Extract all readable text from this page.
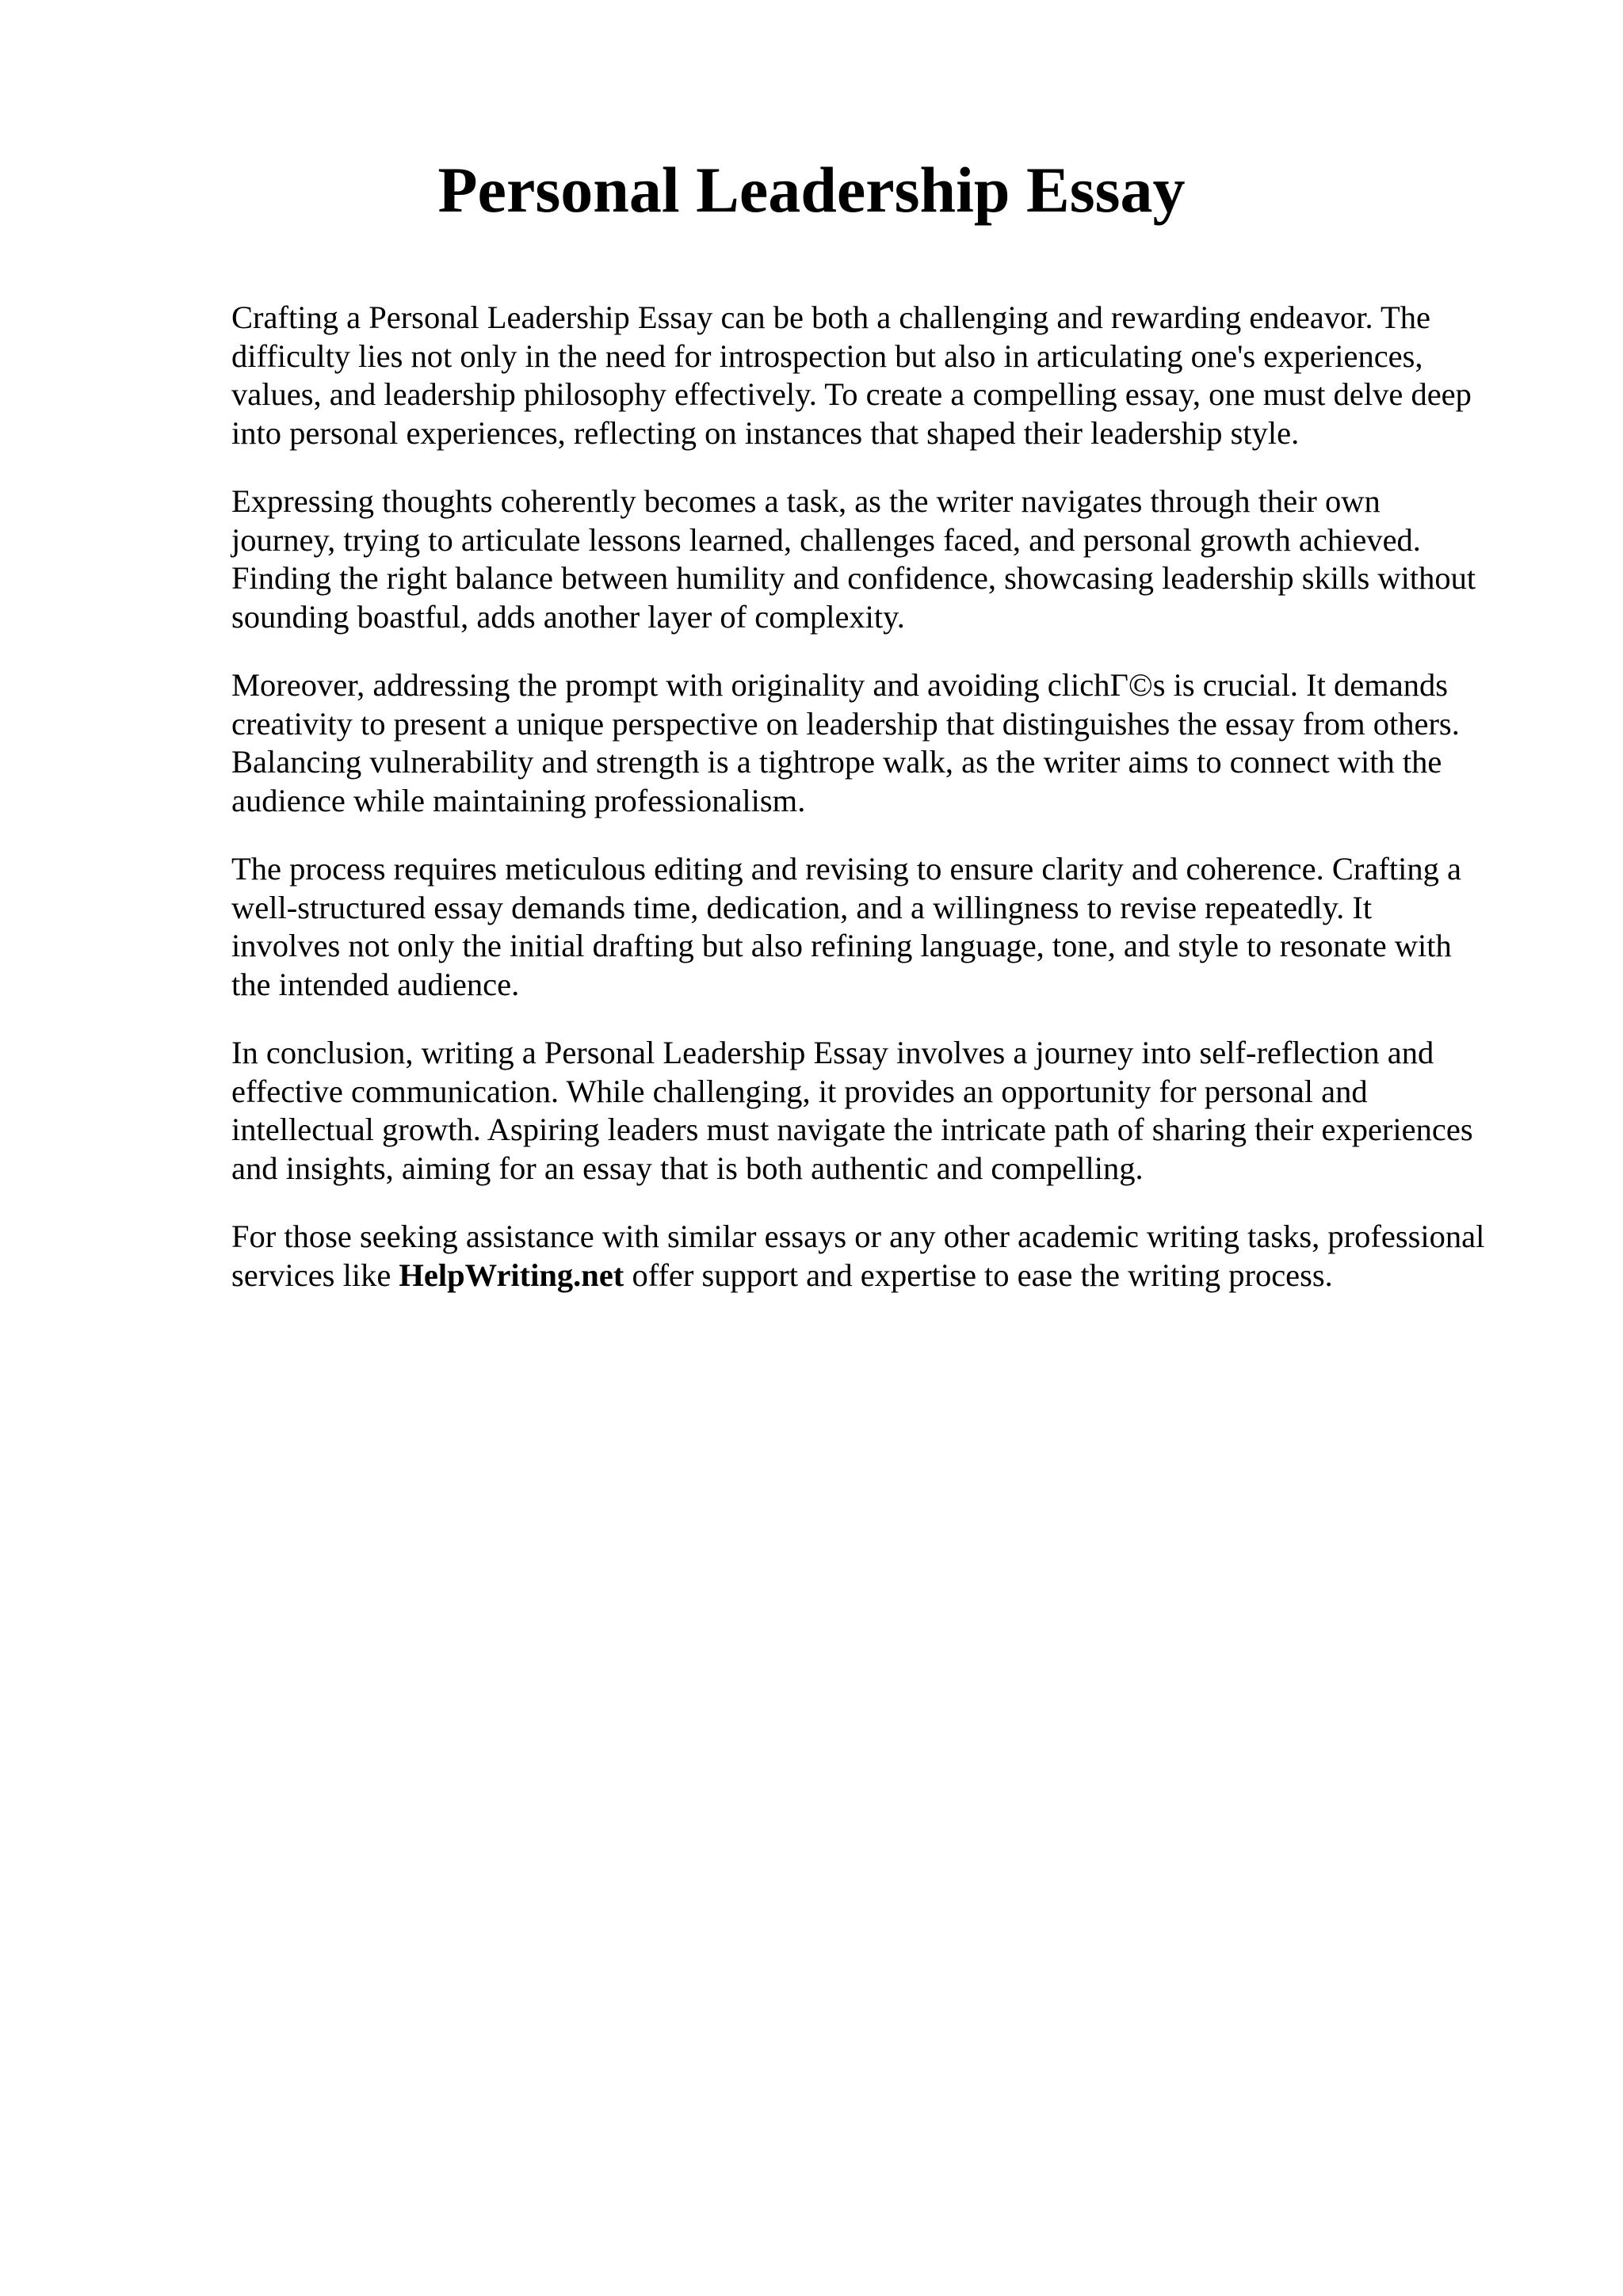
Personal Leadership Essay

Crafting a Personal Leadership Essay can be both a challenging and rewarding endeavor. The
difficulty lies not only in the need for introspection but also in articulating one's experiences,
values, and leadership philosophy effectively. To create a compelling essay, one must delve deep
into personal experiences, reflecting on instances that shaped their leadership style.

Expressing thoughts coherently becomes a task, as the writer navigates through their own
journey, trying to articulate lessons learned, challenges faced, and personal growth achieved.
Finding the right balance between humility and confidence, showcasing leadership skills without
sounding boastful, adds another layer of complexity.

Moreover, addressing the prompt with originality and avoiding clichΓ©s is crucial. It demands
creativity to present a unique perspective on leadership that distinguishes the essay from others.
Balancing vulnerability and strength is a tightrope walk, as the writer aims to connect with the
audience while maintaining professionalism.

The process requires meticulous editing and revising to ensure clarity and coherence. Crafting a
well-structured essay demands time, dedication, and a willingness to revise repeatedly. It
involves not only the initial drafting but also refining language, tone, and style to resonate with
the intended audience.

In conclusion, writing a Personal Leadership Essay involves a journey into self-reflection and
effective communication. While challenging, it provides an opportunity for personal and
intellectual growth. Aspiring leaders must navigate the intricate path of sharing their experiences
and insights, aiming for an essay that is both authentic and compelling.

For those seeking assistance with similar essays or any other academic writing tasks, professional
services like HelpWriting.net offer support and expertise to ease the writing process.
